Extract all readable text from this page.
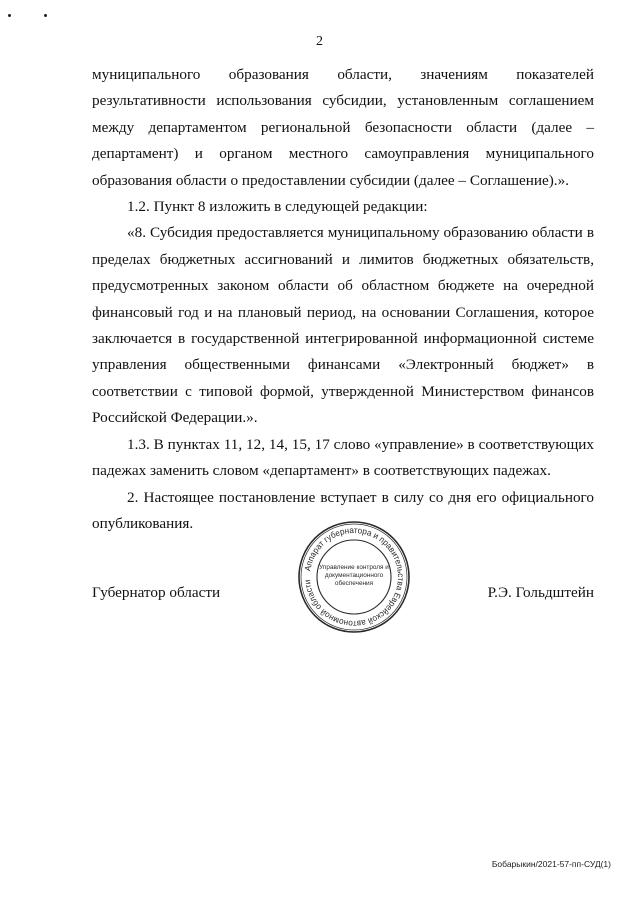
2

муниципального образования области, значениям показателей результативности использования субсидии, установленным соглашением между департаментом региональной безопасности области (далее – департамент) и органом местного самоуправления муниципального образования области о предоставлении субсидии (далее – Соглашение).».

1.2. Пункт 8 изложить в следующей редакции:

«8. Субсидия предоставляется муниципальному образованию области в пределах бюджетных ассигнований и лимитов бюджетных обязательств, предусмотренных законом области об областном бюджете на очередной финансовый год и на плановый период, на основании Соглашения, которое заключается в государственной интегрированной информационной системе управления общественными финансами «Электронный бюджет» в соответствии с типовой формой, утвержденной Министерством финансов Российской Федерации.».

1.3. В пунктах 11, 12, 14, 15, 17 слово «управление» в соответствующих падежах заменить словом «департамент» в соответствующих падежах.

2. Настоящее постановление вступает в силу со дня его официального опубликования.

Губернатор области	Р.Э. Гольдштейн
Аппарат губернатора и правительства Еврейской автономной области
Управление контроля и
документационного
обеспечения
Бобарыкин/2021-57-пп-СУД(1)
